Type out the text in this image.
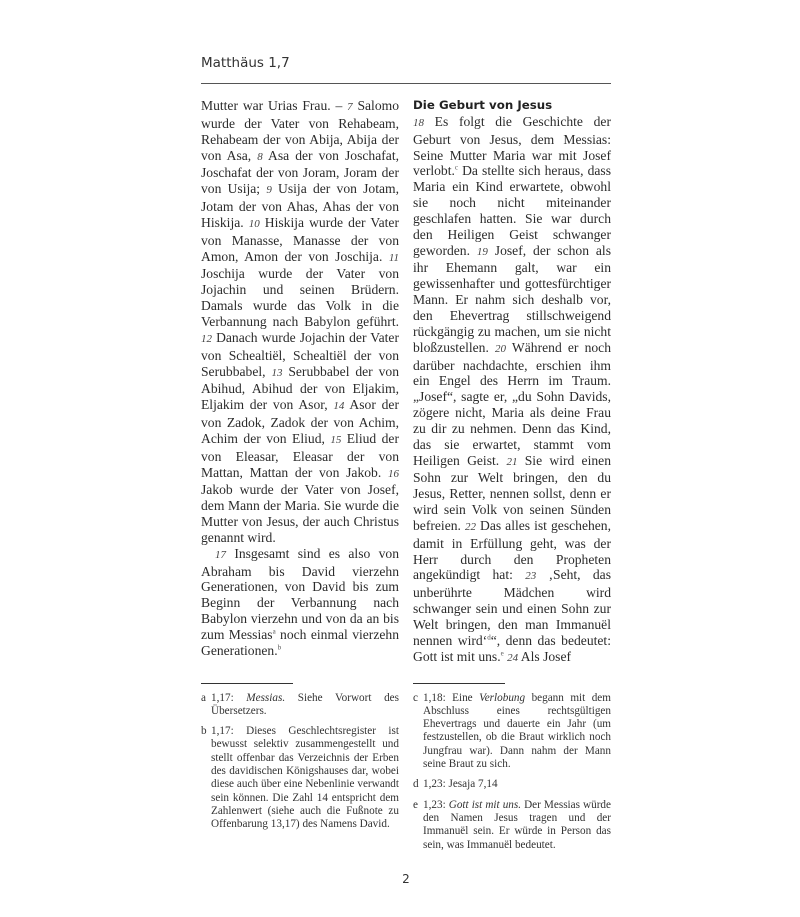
Matthäus 1,7

Mutter war Urias Frau. – 7 Salomo wurde der Vater von Rehabeam, Rehabeam der von Abija, Abija der von Asa, 8 Asa der von Joschafat, Joschafat der von Joram, Joram der von Usija; 9 Usija der von Jotam, Jotam der von Ahas, Ahas der von Hiskija. 10 Hiskija wurde der Vater von Manasse, Manasse der von Amon, Amon der von Joschija. 11 Joschija wurde der Vater von Jojachin und seinen Brüdern. Damals wurde das Volk in die Verbannung nach Babylon geführt. 12 Danach wurde Jojachin der Vater von Schealtiël, Schealtiël der von Serubbabel, 13 Serubbabel der von Abihud, Abihud der von Eljakim, Eljakim der von Asor, 14 Asor der von Zadok, Zadok der von Achim, Achim der von Eliud, 15 Eliud der von Eleasar, Eleasar der von Mattan, Mattan der von Jakob. 16 Jakob wurde der Vater von Josef, dem Mann der Maria. Sie wurde die Mutter von Jesus, der auch Christus genannt wird.

17 Insgesamt sind es also von Abraham bis David vierzehn Generationen, von David bis zum Beginn der Verbannung nach Babylon vierzehn und von da an bis zum Messias$^a$ noch einmal vierzehn Generationen.$^b$

Die Geburt von Jesus

18 Es folgt die Geschichte der Geburt von Jesus, dem Messias: Seine Mutter Maria war mit Josef verlobt.$^c$ Da stellte sich heraus, dass Maria ein Kind erwartete, obwohl sie noch nicht miteinander geschlafen hatten. Sie war durch den Heiligen Geist schwanger geworden. 19 Josef, der schon als ihr Ehemann galt, war ein gewissenhafter und gottesfürchtiger Mann. Er nahm sich deshalb vor, den Ehevertrag stillschweigend rückgängig zu machen, um sie nicht bloßzustellen. 20 Während er noch darüber nachdachte, erschien ihm ein Engel des Herrn im Traum. „Josef“, sagte er, „du Sohn Davids, zögere nicht, Maria als deine Frau zu dir zu nehmen. Denn das Kind, das sie erwartet, stammt vom Heiligen Geist. 21 Sie wird einen Sohn zur Welt bringen, den du Jesus, Retter, nennen sollst, denn er wird sein Volk von seinen Sünden befreien. 22 Das alles ist geschehen, damit in Erfüllung geht, was der Herr durch den Propheten angekündigt hat: 23 ‚Seht, das unberührte Mädchen wird schwanger sein und einen Sohn zur Welt bringen, den man Immanuël nennen wird‘$^d$“, denn das bedeutet: Gott ist mit uns.$^e$ 24 Als Josef

a 1,17: Messias. Siehe Vorwort des Übersetzers.
b 1,17: Dieses Geschlechtsregister ist bewusst selektiv zusammengestellt und stellt offenbar das Verzeichnis der Erben des davidischen Königshauses dar, wobei diese auch über eine Nebenlinie verwandt sein können. Die Zahl 14 entspricht dem Zahlenwert (siehe auch die Fußnote zu Offenbarung 13,17) des Namens David.
c 1,18: Eine Verlobung begann mit dem Abschluss eines rechtsgültigen Ehevertrags und dauerte ein Jahr (um festzustellen, ob die Braut wirklich noch Jungfrau war). Dann nahm der Mann seine Braut zu sich.
d 1,23: Jesaja 7,14
e 1,23: Gott ist mit uns. Der Messias würde den Namen Jesus tragen und der Immanuël sein. Er würde in Person das sein, was Immanuël bedeutet.
2
